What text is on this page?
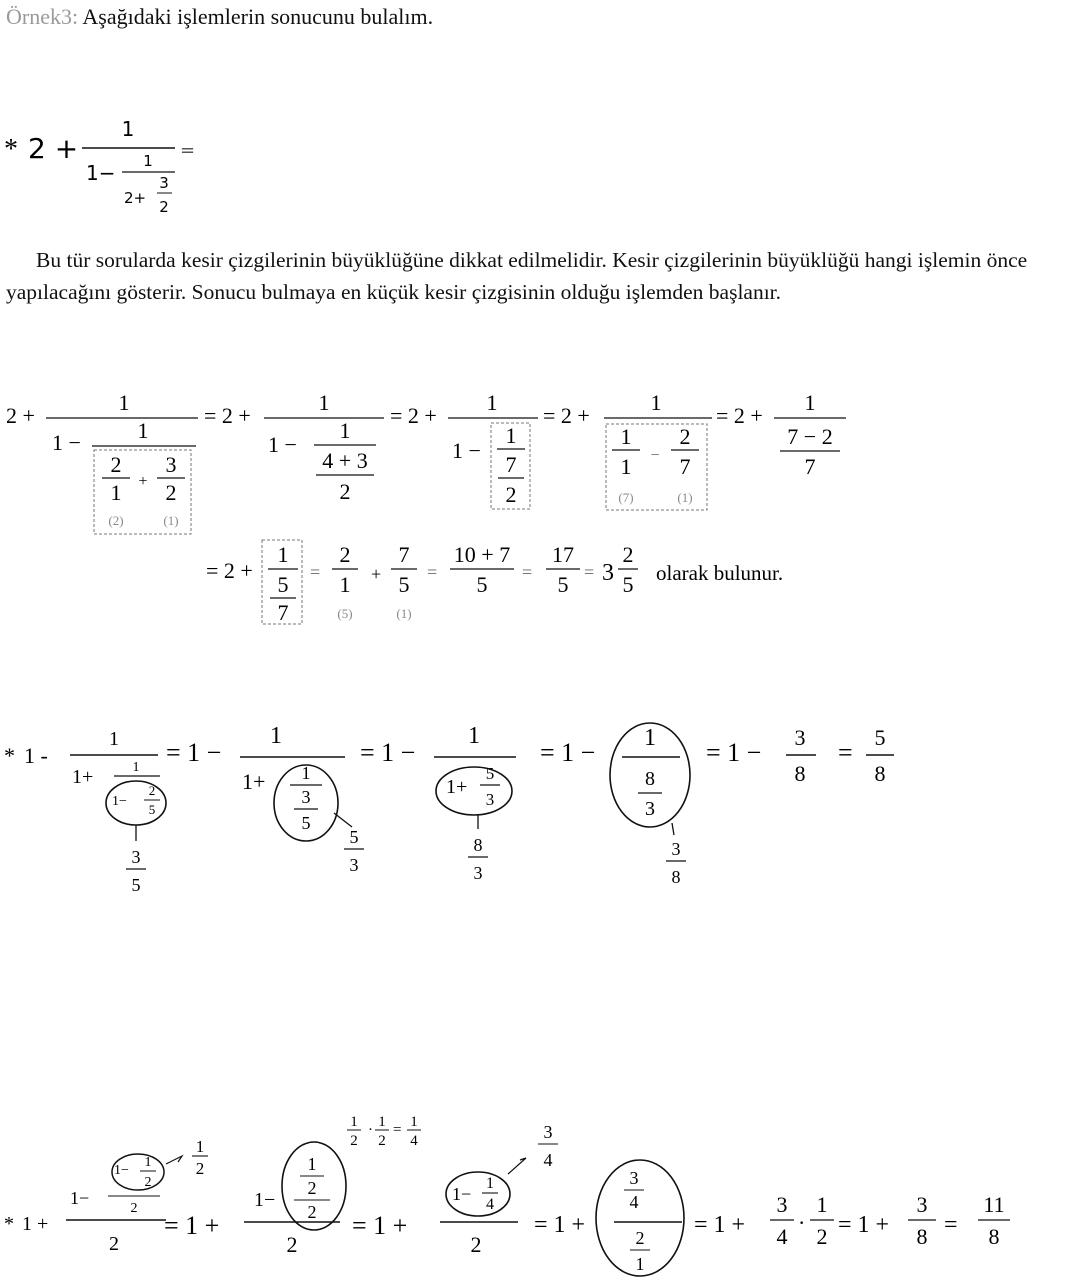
Örnek3: Aşağıdaki işlemlerin sonucunu bulalım.
* 2 +
1
1− 1
2+
3
2
=

Bu tür sorularda kesir çizgilerinin büyüklüğüne dikkat edilmelidir. Kesir çizgilerinin büyüklüğü hangi işlemin önce yapılacağını gösterir. Sonucu bulmaya en küçük kesir çizgisinin olduğu işlemden başlanır.

2 +
1
1 −	1
2
1 +
3
2
(2)	(1)
= 2 +
1
1 −
1
4 + 3
2
= 2 +
1
1 −
1
7
2
= 2 +
1
1
1 −
2
7
(7)	(1)
= 2 +
1
7 − 2
7
= 2 +
1
5
7
=
2
1 +
7
5
(5)	(1)
=
10 + 7
5 =
17
5 = 3
2
5 olarak bulunur.
* 1 -
1
1+	1
1−
2
5
3
5
= 1 −
1
1+ 1
3
5
5
3
= 1 −
1
1+
5
3
8
3
= 1 − 1
8
3
3
8
= 1 −
3
8
=
5
8
* 1 +
1−
1−
1
2
2
1
2
2
= 1 +
1−
1
2
2
2
1
2
· 1
2
= 1
4
= 1 +
1−
1
4
2
3
4
= 1 +
3
4
2
1
= 1 +
3
4
·
1
2 = 1 +
3
8 =
11
8
